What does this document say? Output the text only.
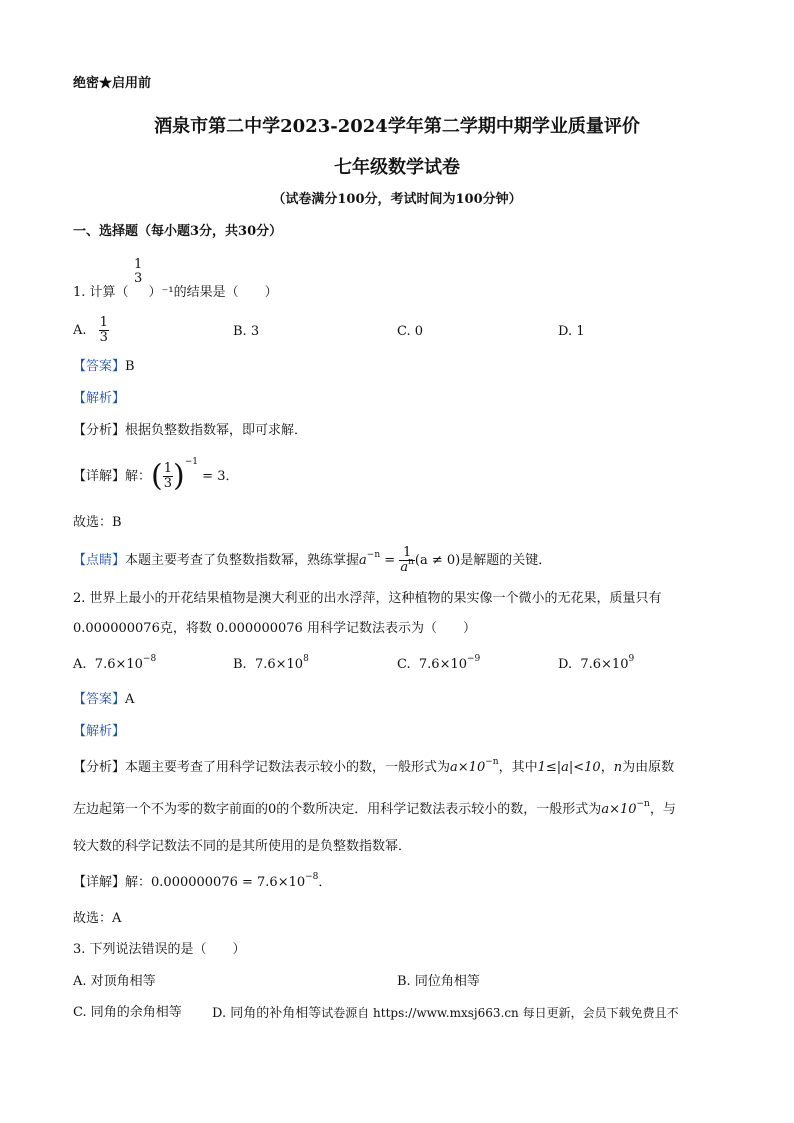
绝密★启用前
酒泉市第二中学2023-2024学年第二学期中期学业质量评价
七年级数学试卷
（试卷满分100分，考试时间为100分钟）
一、选择题（每小题3分，共30分）
1
3
1. 计算（ ）⁻¹的结果是（　　）
A. $\frac{1}{3}$	B. 3	C. 0	D. 1
【答案】B
【解析】
【分析】根据负整数指数幂，即可求解．
【详解】解：( $\frac{1}{3} )^{-1} = 3$．
故选：B
【点睛】本题主要考查了负整数指数幂，熟练掌握$a^{-n} = \frac{1}{a^n} (a \ne 0)$是解题的关键．
2. 世界上最小的开花结果植物是澳大利亚的出水浮萍，这种植物的果实像一个微小的无花果，质量只有
0.000000076克，将数 0.000000076 用科学记数法表示为（　　）
A. $7.6\times 10^{-8}$	B. $7.6\times 10^8$	C. $7.6\times 10^{-9}$	D. $7.6\times 10^9$
【答案】A
【解析】
【分析】本题主要考查了用科学记数法表示较小的数，一般形式为$a\times 10^{-n}$，其中1≤|a|<10，n为由原数
左边起第一个不为零的数字前面的0的个数所决定．用科学记数法表示较小的数，一般形式为$a\times 10^{-n}$，与
较大数的科学记数法不同的是其所使用的是负整数指数幂．
【详解】解：$0.000000076 = 7.6\times 10^{-8}$．
故选：A
3. 下列说法错误的是（　　）
A. 对顶角相等	B. 同位角相等
C. 同角的余角相等 D. 同角的补角相等试卷源自 https://www.mxsj663.cn 每日更新，会员下载免费且不
